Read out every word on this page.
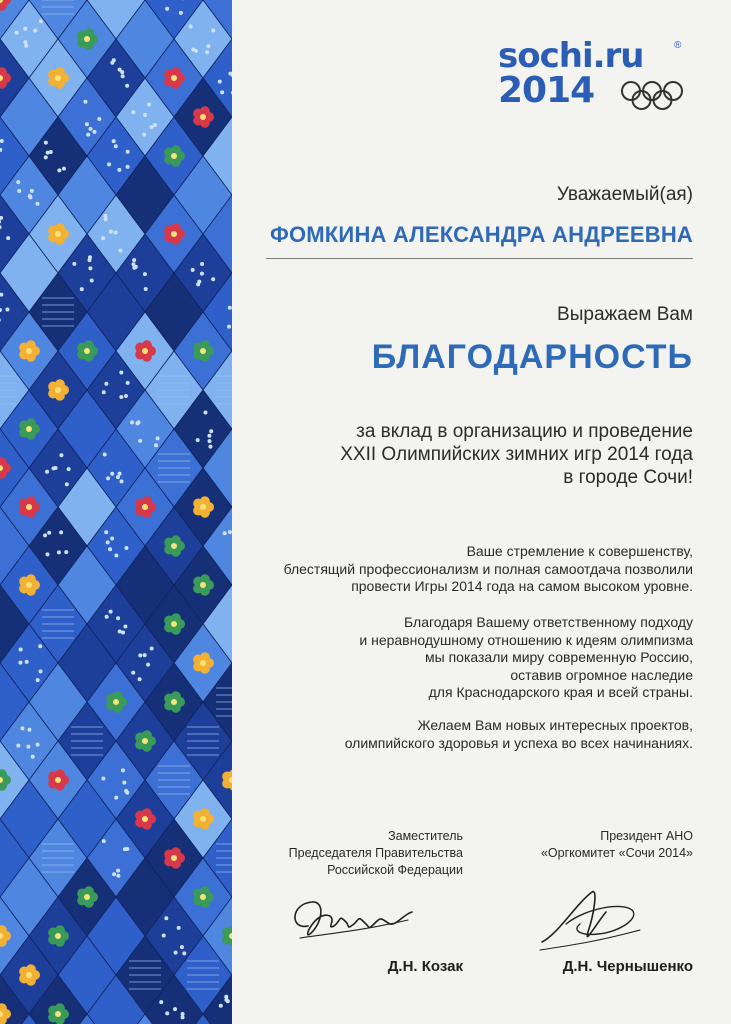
sochi.ru	®
2014
Уважаемый(ая)
ФОМКИНА АЛЕКСАНДРА АНДРЕЕВНА
Выражаем Вам
БЛАГОДАРНОСТЬ
за вклад в организацию и проведение
XXII Олимпийских зимних игр 2014 года
в городе Сочи!
Ваше стремление к совершенству,
блестящий профессионализм и полная самоотдача позволили
провести Игры 2014 года на самом высоком уровне.
Благодаря Вашему ответственному подходу
и неравнодушному отношению к идеям олимпизма
мы показали миру современную Россию,
оставив огромное наследие
для Краснодарского края и всей страны.
Желаем Вам новых интересных проектов,
олимпийского здоровья и успеха во всех начинаниях.
Заместитель
Председателя Правительства
Российской Федерации
Президент АНО
«Оргкомитет «Сочи 2014»
Д.Н. Козак	Д.Н. Чернышенко
